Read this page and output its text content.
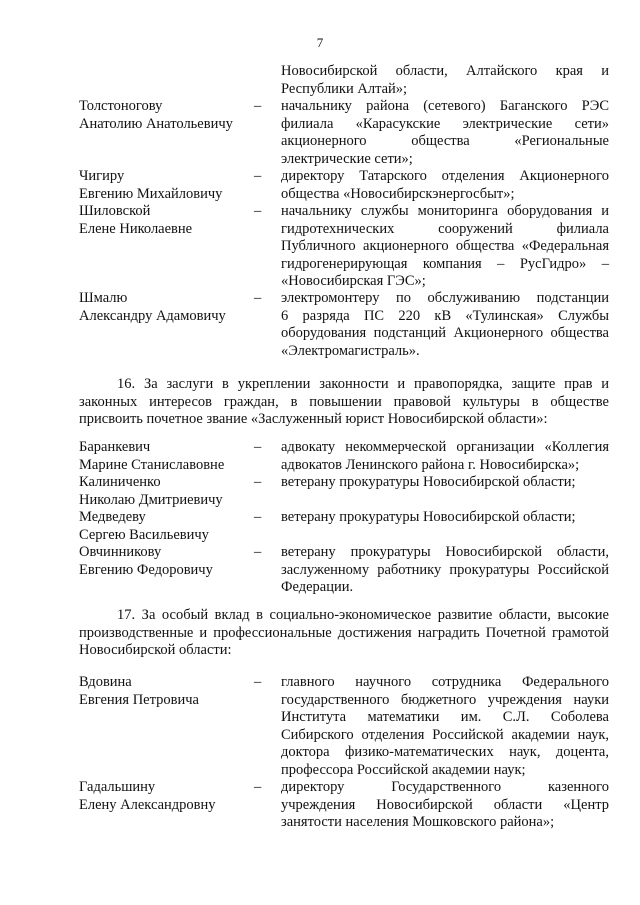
7
Новосибирской области, Алтайского края и
Республики Алтай»;
Толстоногову
Анатолию Анатольевичу
– начальнику района (сетевого) Баганского РЭС
филиала «Карасукские электрические сети»
акционерного общества «Региональные
электрические сети»;
Чигиру
Евгению Михайловичу
– директору Татарского отделения Акционерного
общества «Новосибирскэнергосбыт»;
Шиловской
Елене Николаевне
– начальнику службы мониторинга оборудования и
гидротехнических сооружений филиала
Публичного акционерного общества «Федеральная
гидрогенерирующая компания – РусГидро» –
«Новосибирская ГЭС»;
Шмалю
Александру Адамовичу
– электромонтеру по обслуживанию подстанции
6 разряда ПС 220 кВ «Тулинская» Службы
оборудования подстанций Акционерного общества
«Электромагистраль».
16. За заслуги в укреплении законности и правопорядка, защите прав и
законных интересов граждан, в повышении правовой культуры в обществе
присвоить почетное звание «Заслуженный юрист Новосибирской области»:
Баранкевич
Марине Станиславовне
– адвокату некоммерческой организации «Коллегия
адвокатов Ленинского района г. Новосибирска»;
Калиниченко
Николаю Дмитриевичу
– ветерану прокуратуры Новосибирской области;
Медведеву
Сергею Васильевичу
– ветерану прокуратуры Новосибирской области;
Овчинникову
Евгению Федоровичу
– ветерану прокуратуры Новосибирской области,
заслуженному работнику прокуратуры Российской
Федерации.
17. За особый вклад в социально-экономическое развитие области, высокие
производственные и профессиональные достижения наградить Почетной грамотой
Новосибирской области:
Вдовина
Евгения Петровича
– главного научного сотрудника Федерального
государственного бюджетного учреждения науки
Института математики им. С.Л. Соболева
Сибирского отделения Российской академии наук,
доктора физико-математических наук, доцента,
профессора Российской академии наук;
Гадальшину
Елену Александровну
– директору Государственного казенного
учреждения Новосибирской области «Центр
занятости населения Мошковского района»;
